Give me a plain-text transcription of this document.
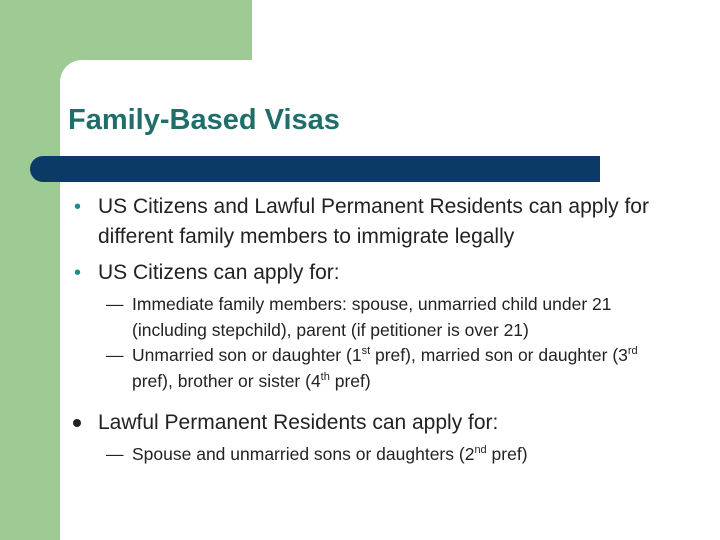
Family-Based Visas
• US Citizens and Lawful Permanent Residents can apply for different family members to immigrate legally
• US Citizens can apply for:
— Immediate family members: spouse, unmarried child under 21 (including stepchild), parent (if petitioner is over 21)
— Unmarried son or daughter (1st pref), married son or daughter (3rd pref), brother or sister (4th pref)
Lawful Permanent Residents can apply for:
— Spouse and unmarried sons or daughters (2nd pref)
